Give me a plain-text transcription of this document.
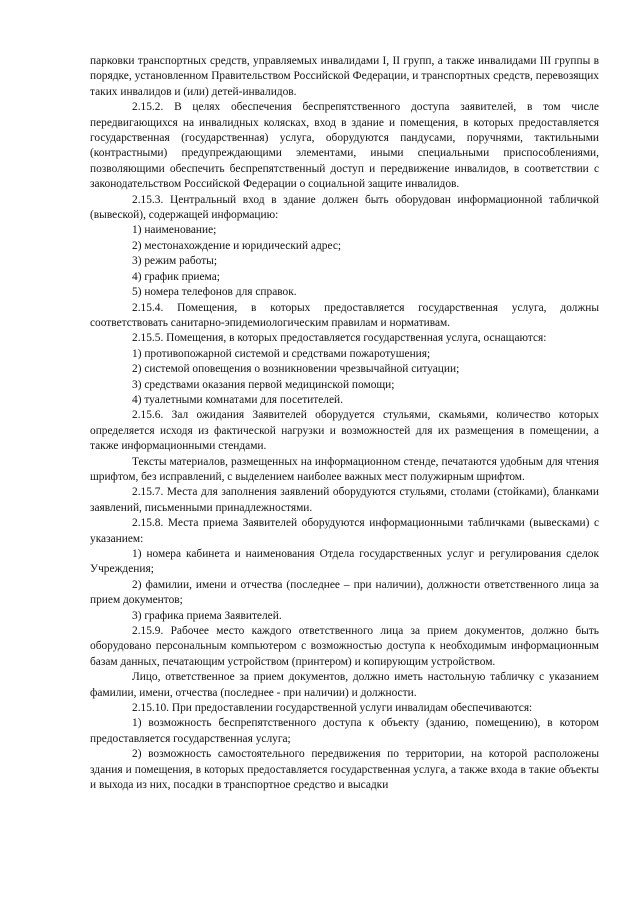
парковки транспортных средств, управляемых инвалидами I, II групп, а также инвалидами III группы в порядке, установленном Правительством Российской Федерации, и транспортных средств, перевозящих таких инвалидов и (или) детей-инвалидов.

2.15.2. В целях обеспечения беспрепятственного доступа заявителей, в том числе передвигающихся на инвалидных колясках, вход в здание и помещения, в которых предоставляется государственная (государственная) услуга, оборудуются пандусами, поручнями, тактильными (контрастными) предупреждающими элементами, иными специальными приспособлениями, позволяющими обеспечить беспрепятственный доступ и передвижение инвалидов, в соответствии с законодательством Российской Федерации о социальной защите инвалидов.

2.15.3. Центральный вход в здание должен быть оборудован информационной табличкой (вывеской), содержащей информацию:

1) наименование;

2) местонахождение и юридический адрес;

3) режим работы;

4) график приема;

5) номера телефонов для справок.

2.15.4. Помещения, в которых предоставляется государственная услуга, должны соответствовать санитарно-эпидемиологическим правилам и нормативам.

2.15.5. Помещения, в которых предоставляется государственная услуга, оснащаются:

1) противопожарной системой и средствами пожаротушения;

2) системой оповещения о возникновении чрезвычайной ситуации;

3) средствами оказания первой медицинской помощи;

4) туалетными комнатами для посетителей.

2.15.6. Зал ожидания Заявителей оборудуется стульями, скамьями, количество которых определяется исходя из фактической нагрузки и возможностей для их размещения в помещении, а также информационными стендами.

Тексты материалов, размещенных на информационном стенде, печатаются удобным для чтения шрифтом, без исправлений, с выделением наиболее важных мест полужирным шрифтом.

2.15.7. Места для заполнения заявлений оборудуются стульями, столами (стойками), бланками заявлений, письменными принадлежностями.

2.15.8. Места приема Заявителей оборудуются информационными табличками (вывесками) с указанием:

1) номера кабинета и наименования Отдела государственных услуг и регулирования сделок Учреждения;

2) фамилии, имени и отчества (последнее – при наличии), должности ответственного лица за прием документов;

3) графика приема Заявителей.

2.15.9. Рабочее место каждого ответственного лица за прием документов, должно быть оборудовано персональным компьютером с возможностью доступа к необходимым информационным базам данных, печатающим устройством (принтером) и копирующим устройством.

Лицо, ответственное за прием документов, должно иметь настольную табличку с указанием фамилии, имени, отчества (последнее - при наличии) и должности.

2.15.10. При предоставлении государственной услуги инвалидам обеспечиваются:

1) возможность беспрепятственного доступа к объекту (зданию, помещению), в котором предоставляется государственная услуга;

2) возможность самостоятельного передвижения по территории, на которой расположены здания и помещения, в которых предоставляется государственная услуга, а также входа в такие объекты и выхода из них, посадки в транспортное средство и высадки
